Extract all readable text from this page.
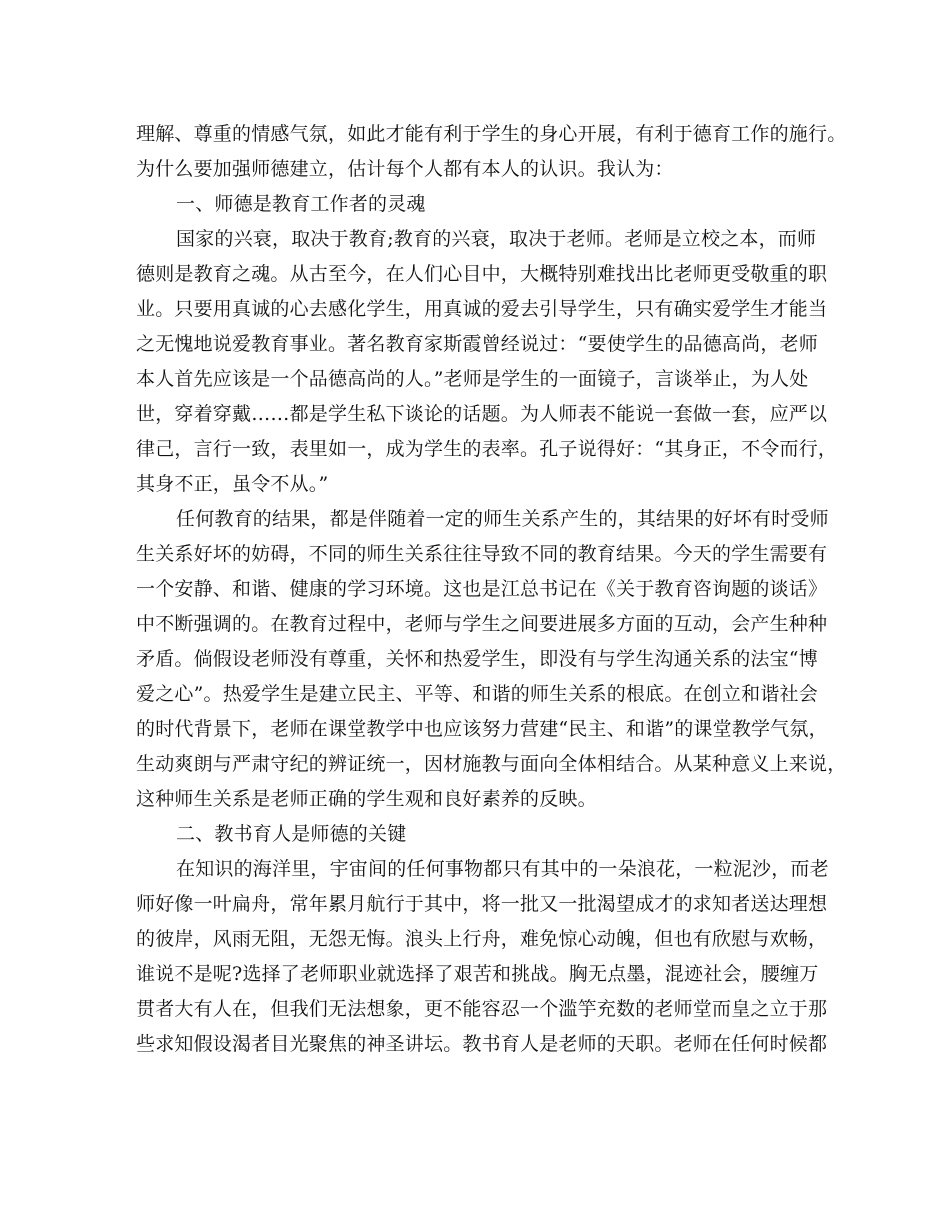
理解、尊重的情感气氛，如此才能有利于学生的身心开展，有利于德育工作的施行。
为什么要加强师德建立，估计每个人都有本人的认识。我认为：
一、师德是教育工作者的灵魂
国家的兴衰，取决于教育;教育的兴衰，取决于老师。老师是立校之本，而师
德则是教育之魂。从古至今，在人们心目中，大概特别难找出比老师更受敬重的职
业。只要用真诚的心去感化学生，用真诚的爱去引导学生，只有确实爱学生才能当
之无愧地说爱教育事业。著名教育家斯霞曾经说过：“要使学生的品德高尚，老师
本人首先应该是一个品德高尚的人。”老师是学生的一面镜子，言谈举止，为人处
世，穿着穿戴……都是学生私下谈论的话题。为人师表不能说一套做一套，应严以
律己，言行一致，表里如一，成为学生的表率。孔子说得好：“其身正，不令而行，
其身不正，虽令不从。”
任何教育的结果，都是伴随着一定的师生关系产生的，其结果的好坏有时受师
生关系好坏的妨碍，不同的师生关系往往导致不同的教育结果。今天的学生需要有
一个安静、和谐、健康的学习环境。这也是江总书记在《关于教育咨询题的谈话》
中不断强调的。在教育过程中，老师与学生之间要进展多方面的互动，会产生种种
矛盾。倘假设老师没有尊重，关怀和热爱学生，即没有与学生沟通关系的法宝“博
爱之心”。热爱学生是建立民主、平等、和谐的师生关系的根底。在创立和谐社会
的时代背景下，老师在课堂教学中也应该努力营建“民主、和谐”的课堂教学气氛，
生动爽朗与严肃守纪的辨证统一，因材施教与面向全体相结合。从某种意义上来说，
这种师生关系是老师正确的学生观和良好素养的反映。
二、教书育人是师德的关键
在知识的海洋里，宇宙间的任何事物都只有其中的一朵浪花，一粒泥沙，而老
师好像一叶扁舟，常年累月航行于其中，将一批又一批渴望成才的求知者送达理想
的彼岸，风雨无阻，无怨无悔。浪头上行舟，难免惊心动魄，但也有欣慰与欢畅，
谁说不是呢?选择了老师职业就选择了艰苦和挑战。胸无点墨，混迹社会，腰缠万
贯者大有人在，但我们无法想象，更不能容忍一个滥竽充数的老师堂而皇之立于那
些求知假设渴者目光聚焦的神圣讲坛。教书育人是老师的天职。老师在任何时候都
